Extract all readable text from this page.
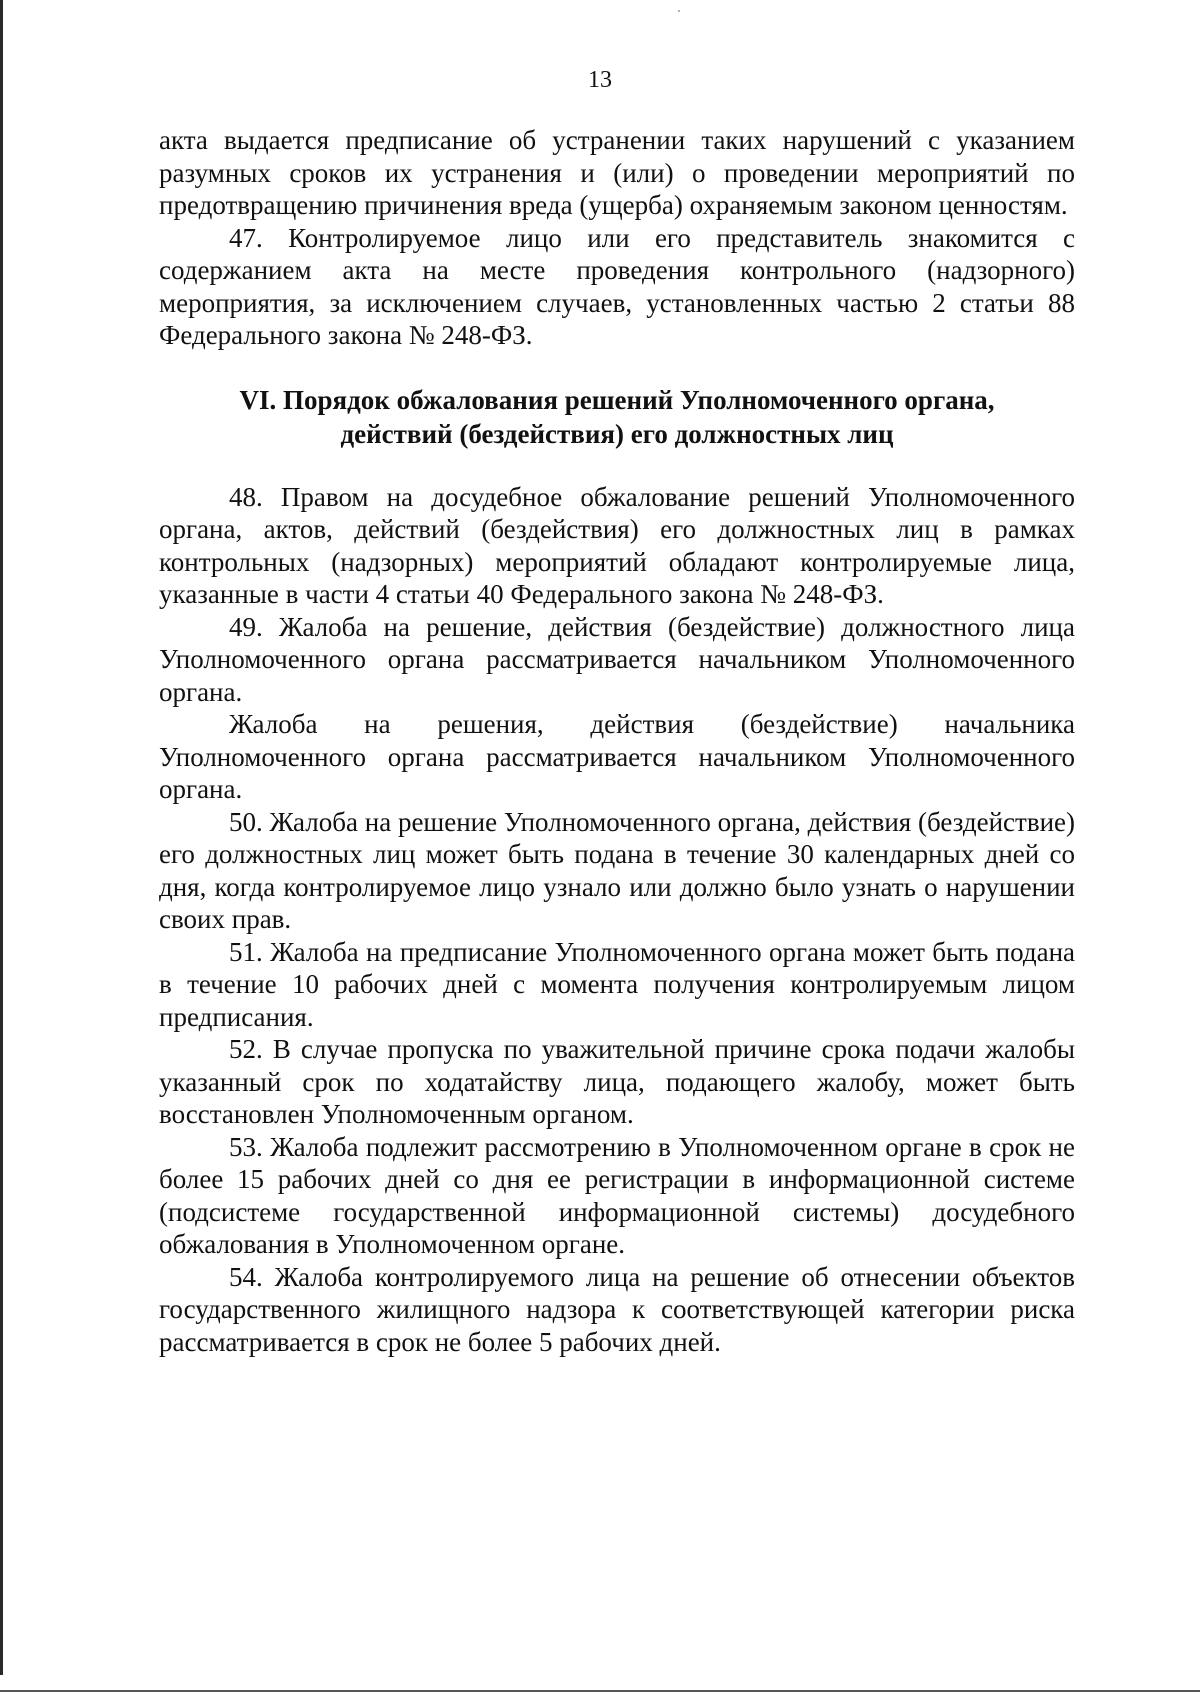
13

акта выдается предписание об устранении таких нарушений с указанием разумных сроков их устранения и (или) о проведении мероприятий по предотвращению причинения вреда (ущерба) охраняемым законом ценностям.

47. Контролируемое лицо или его представитель знакомится с содержанием акта на месте проведения контрольного (надзорного) мероприятия, за исключением случаев, установленных частью 2 статьи 88 Федерального закона № 248-ФЗ.

VI. Порядок обжалования решений Уполномоченного органа,
действий (бездействия) его должностных лиц

48. Правом на досудебное обжалование решений Уполномоченного органа, актов, действий (бездействия) его должностных лиц в рамках контрольных (надзорных) мероприятий обладают контролируемые лица, указанные в части 4 статьи 40 Федерального закона № 248-ФЗ.

49. Жалоба на решение, действия (бездействие) должностного лица Уполномоченного органа рассматривается начальником Уполномоченного органа.

Жалоба на решения, действия (бездействие) начальника Уполномоченного органа рассматривается начальником Уполномоченного органа.

50. Жалоба на решение Уполномоченного органа, действия (бездействие) его должностных лиц может быть подана в течение 30 календарных дней со дня, когда контролируемое лицо узнало или должно было узнать о нарушении своих прав.

51. Жалоба на предписание Уполномоченного органа может быть подана в течение 10 рабочих дней с момента получения контролируемым лицом предписания.

52. В случае пропуска по уважительной причине срока подачи жалобы указанный срок по ходатайству лица, подающего жалобу, может быть восстановлен Уполномоченным органом.

53. Жалоба подлежит рассмотрению в Уполномоченном органе в срок не более 15 рабочих дней со дня ее регистрации в информационной системе (подсистеме государственной информационной системы) досудебного обжалования в Уполномоченном органе.

54. Жалоба контролируемого лица на решение об отнесении объектов государственного жилищного надзора к соответствующей категории риска рассматривается в срок не более 5 рабочих дней.
